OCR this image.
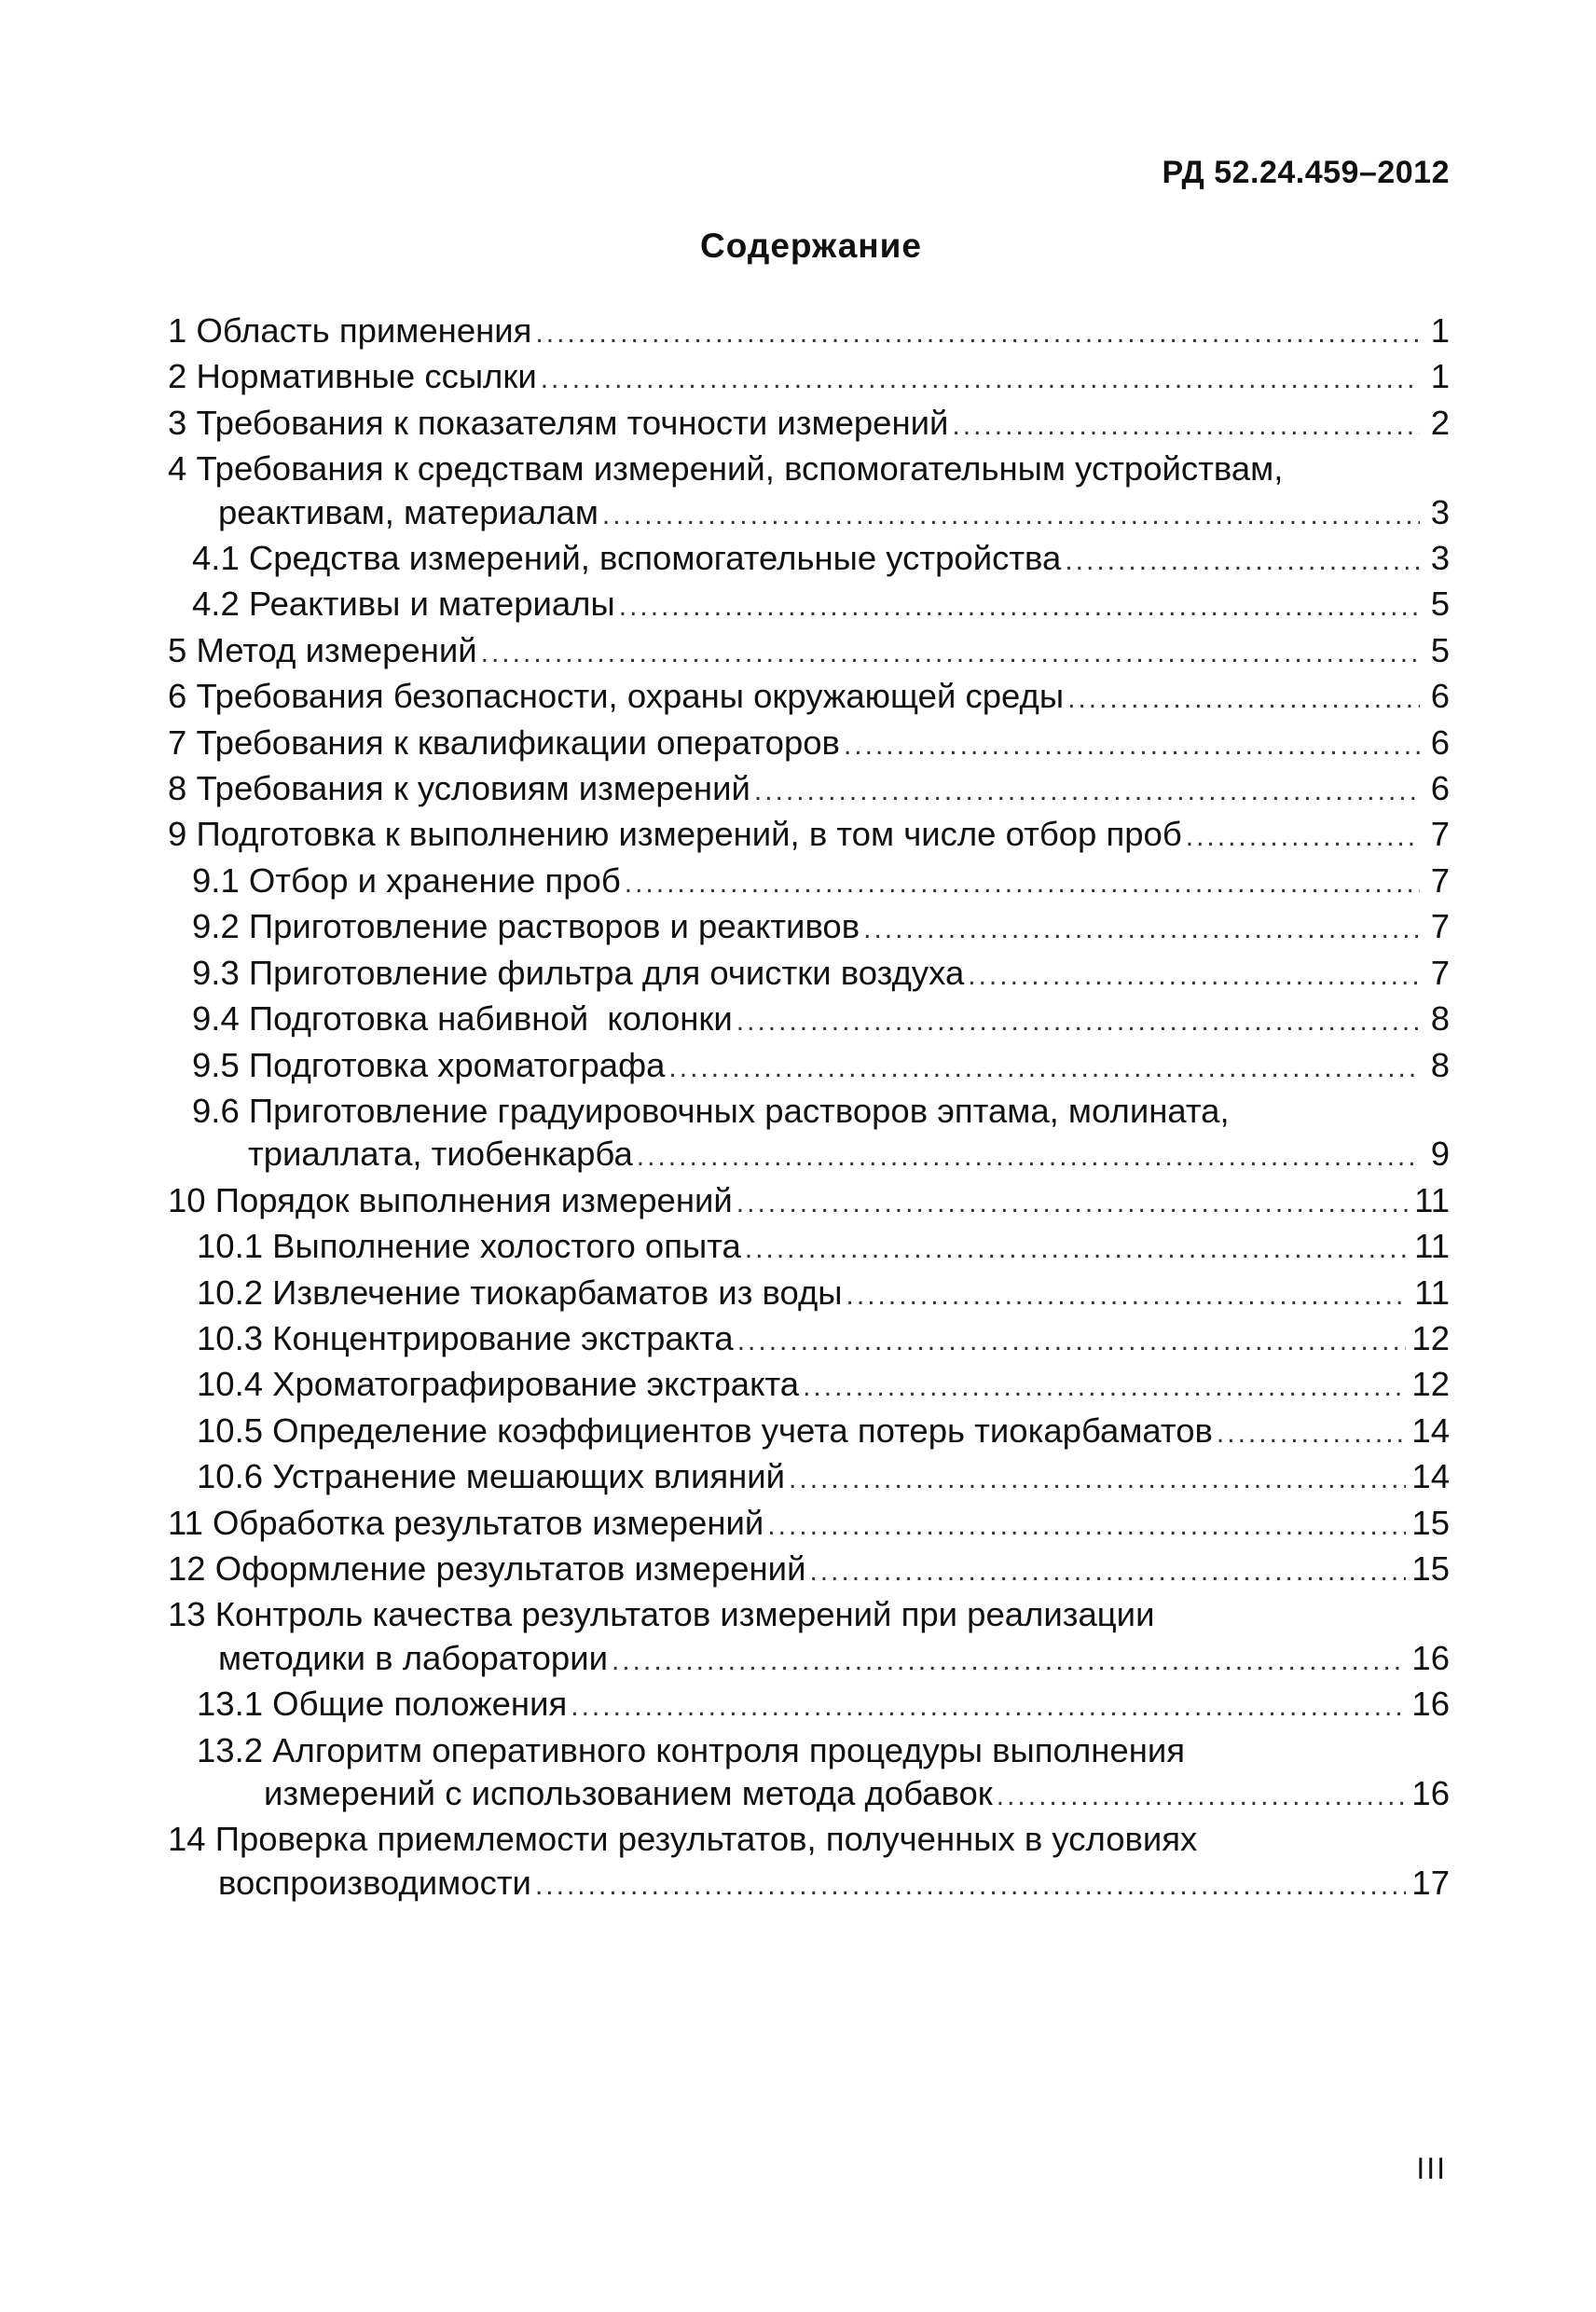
РД 52.24.459–2012
Содержание
1 Область применения .....	1
2 Нормативные ссылки .....	1
3 Требования к показателям точности измерений .....	2
4 Требования к средствам измерений, вспомогательным устройствам,
реактивам, материалам .....	3
4.1 Средства измерений, вспомогательные устройства .....	3
4.2 Реактивы и материалы .....	5
5 Метод измерений .....	5
6 Требования безопасности, охраны окружающей среды .....	6
7 Требования к квалификации операторов .....	6
8 Требования к условиям измерений .....	6
9 Подготовка к выполнению измерений, в том числе отбор проб .....	7
9.1 Отбор и хранение проб .....	7
9.2 Приготовление растворов и реактивов .....	7
9.3 Приготовление фильтра для очистки воздуха .....	7
9.4 Подготовка набивной  колонки .....	8
9.5 Подготовка хроматографа .....	8
9.6 Приготовление градуировочных растворов эптама, молината,
триаллата, тиобенкарба .....	9
10 Порядок выполнения измерений .....	11
10.1 Выполнение холостого опыта .....	11
10.2 Извлечение тиокарбаматов из воды .....	11
10.3 Концентрирование экстракта .....	12
10.4 Хроматографирование экстракта .....	12
10.5 Определение коэффициентов учета потерь тиокарбаматов .....	14
10.6 Устранение мешающих влияний .....	14
11 Обработка результатов измерений .....	15
12 Оформление результатов измерений .....	15
13 Контроль качества результатов измерений при реализации
методики в лаборатории .....	16
13.1 Общие положения .....	16
13.2 Алгоритм оперативного контроля процедуры выполнения
измерений с использованием метода добавок .....	16
14 Проверка приемлемости результатов, полученных в условиях
воспроизводимости .....	17
III
